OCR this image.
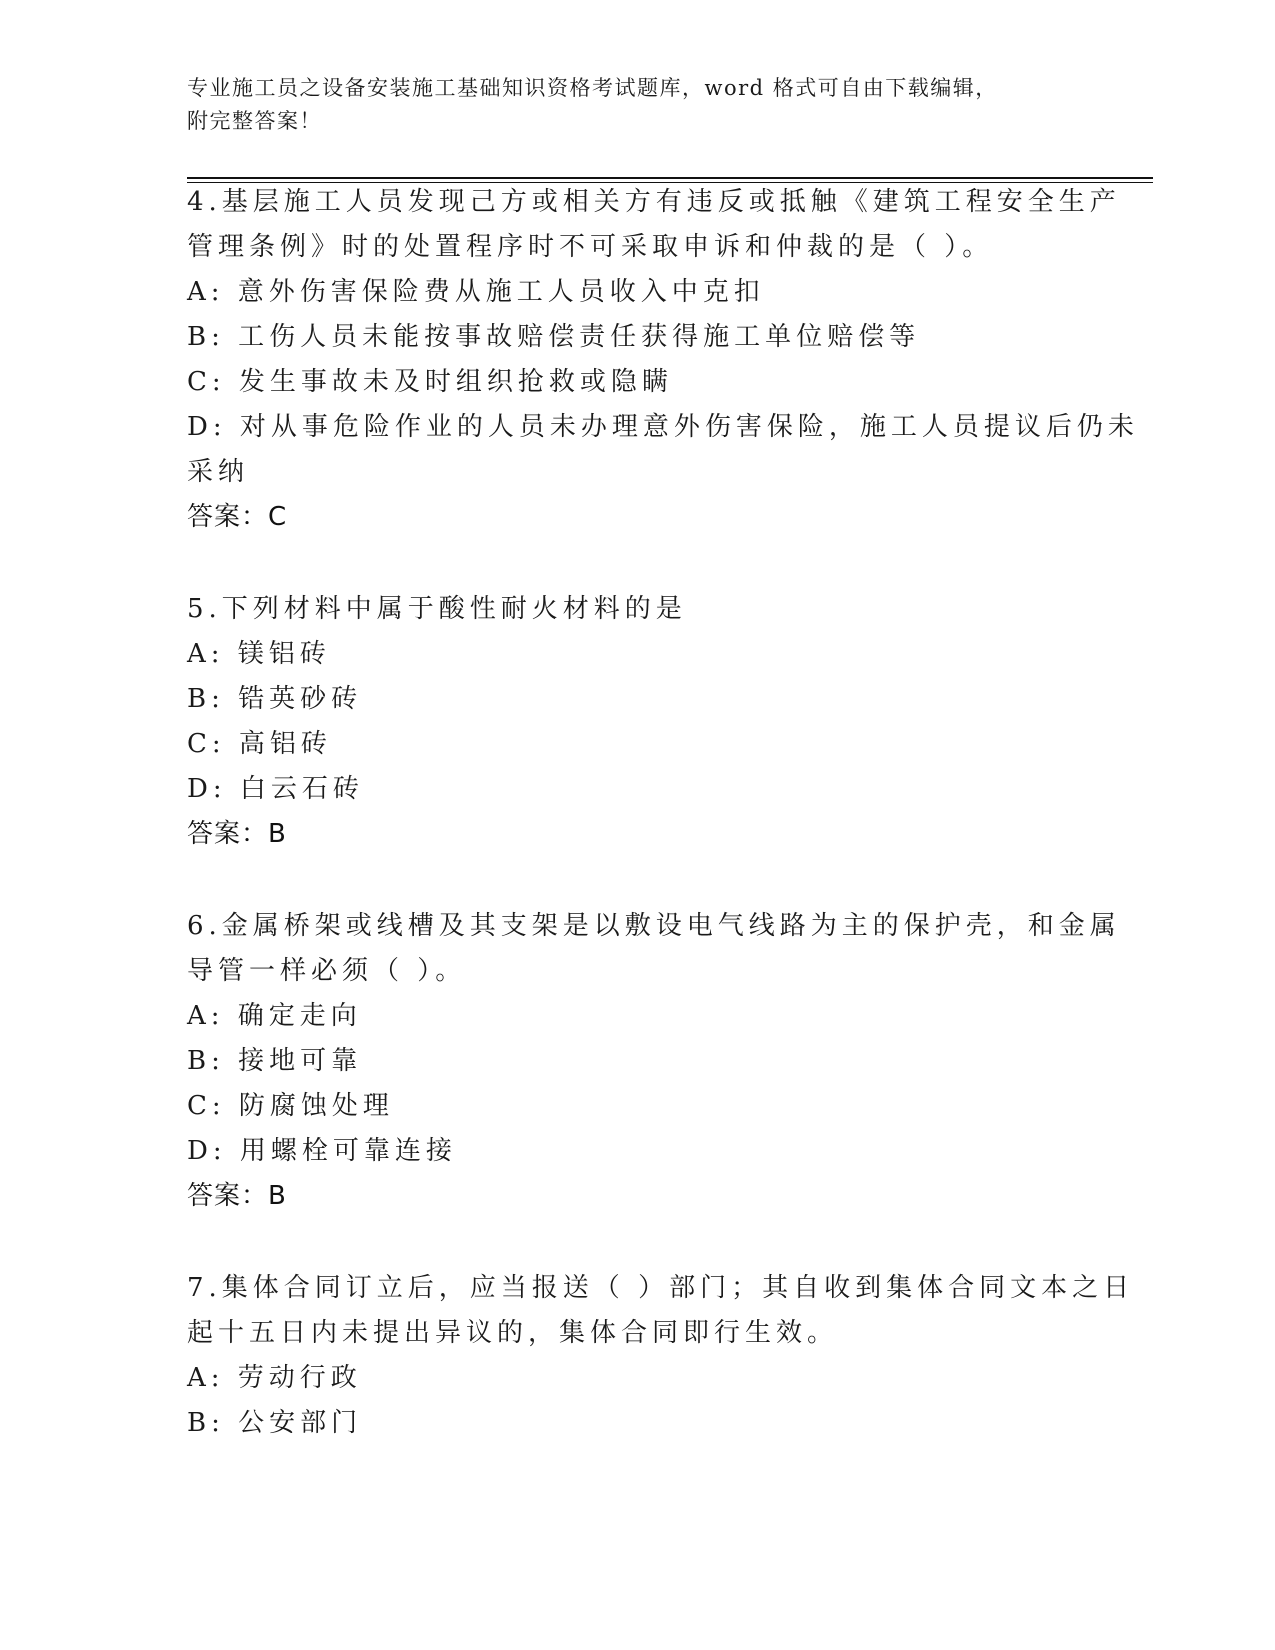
专业施工员之设备安装施工基础知识资格考试题库，word 格式可自由下载编辑，
附完整答案！
4.基层施工人员发现己方或相关方有违反或抵触《建筑工程安全生产
管理条例》时的处置程序时不可采取申诉和仲裁的是（ ）。
A: 意外伤害保险费从施工人员收入中克扣
B: 工伤人员未能按事故赔偿责任获得施工单位赔偿等
C: 发生事故未及时组织抢救或隐瞒
D: 对从事危险作业的人员未办理意外伤害保险，施工人员提议后仍未
采纳
答案：C
5.下列材料中属于酸性耐火材料的是
A: 镁铝砖
B: 锆英砂砖
C: 高铝砖
D: 白云石砖
答案：B
6.金属桥架或线槽及其支架是以敷设电气线路为主的保护壳，和金属
导管一样必须（ ）。
A: 确定走向
B: 接地可靠
C: 防腐蚀处理
D: 用螺栓可靠连接
答案：B
7.集体合同订立后，应当报送（ ）部门；其自收到集体合同文本之日
起十五日内未提出异议的，集体合同即行生效。
A: 劳动行政
B: 公安部门
